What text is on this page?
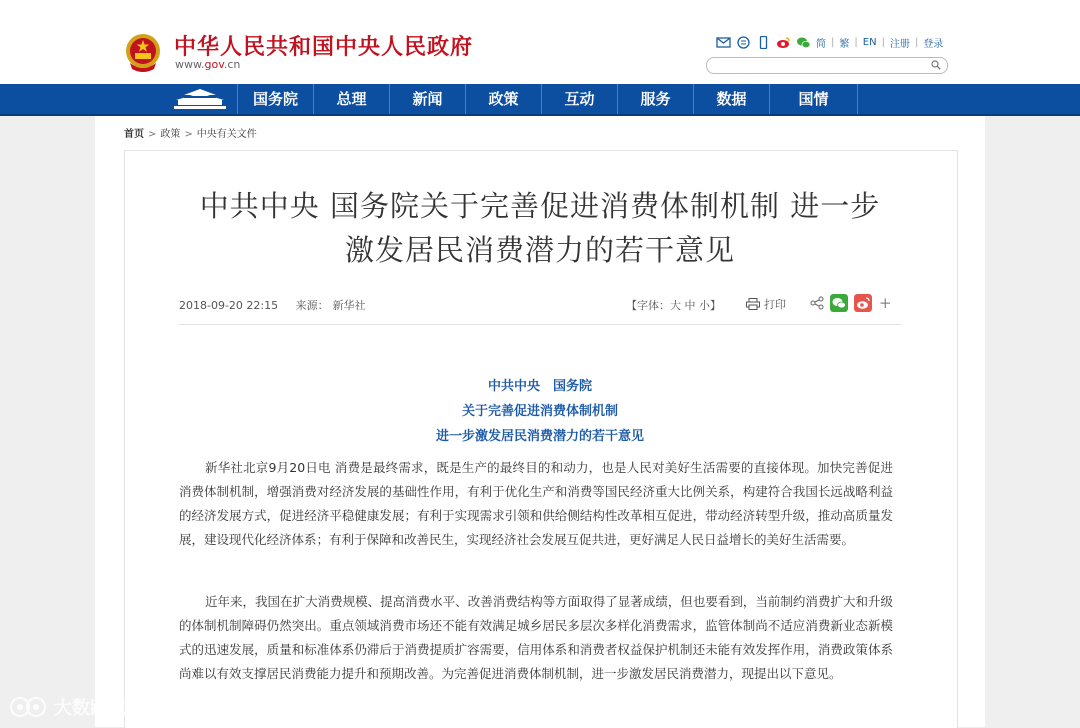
中华人民共和国中央人民政府
www.gov.cn
简 | 繁 | EN | 注册 | 登录
国务院	总理	新闻	政策	互动	服务	数据	国情
首页 > 政策 > 中央有关文件
中共中央 国务院关于完善促进消费体制机制 进一步
激发居民消费潜力的若干意见
2018-09-20 22:15 来源： 新华社	【字体：大 中 小】	打印	+
中共中央　国务院
关于完善促进消费体制机制
进一步激发居民消费潜力的若干意见
新华社北京9月20日电 消费是最终需求，既是生产的最终目的和动力，也是人民对美好生活需要的直接体现。加快完善促进消费体制机制，增强消费对经济发展的基础性作用，有利于优化生产和消费等国民经济重大比例关系，构建符合我国长远战略利益的经济发展方式，促进经济平稳健康发展；有利于实现需求引领和供给侧结构性改革相互促进，带动经济转型升级，推动高质量发展，建设现代化经济体系；有利于保障和改善民生，实现经济社会发展互促共进，更好满足人民日益增长的美好生活需要。
近年来，我国在扩大消费规模、提高消费水平、改善消费结构等方面取得了显著成绩，但也要看到，当前制约消费扩大和升级的体制机制障碍仍然突出。重点领域消费市场还不能有效满足城乡居民多层次多样化消费需求，监管体制尚不适应消费新业态新模式的迅速发展，质量和标准体系仍滞后于消费提质扩容需要，信用体系和消费者权益保护机制还未能有效发挥作用，消费政策体系尚难以有效支撑居民消费能力提升和预期改善。为完善促进消费体制机制，进一步激发居民消费潜力，现提出以下意见。
大数跨境
